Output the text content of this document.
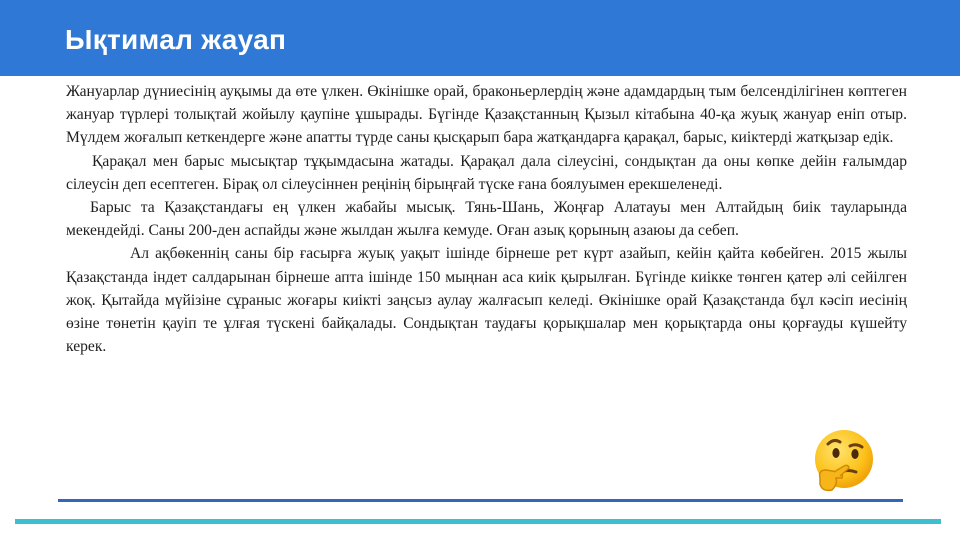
Ықтимал жауап

Жануарлар дүниесінің ауқымы да өте үлкен. Өкінішке орай, браконьерлердің және адамдардың тым белсенділігінен көптеген жануар түрлері толықтай жойылу қаупіне ұшырады. Бүгінде Қазақстанның Қызыл кітабына 40-қа жуық жануар еніп отыр. Мүлдем жоғалып кеткендерге және апатты түрде саны қысқарып бара жатқандарға қарақал, барыс, киіктерді жатқызар едік.

Қарақал мен барыс мысықтар тұқымдасына жатады. Қарақал дала сілеусіні, сондықтан да оны көпке дейін ғалымдар сілеусін деп есептеген. Бірақ ол сілеусіннен реңінің бірыңғай түске ғана боялуымен ерекшеленеді.

Барыс та Қазақстандағы ең үлкен жабайы мысық. Тянь-Шань, Жоңғар Алатауы мен Алтайдың биік тауларында мекендейді. Саны 200-ден аспайды және жылдан жылға кемуде. Оған азық қорының азаюы да себеп.

Ал ақбөкеннің саны бір ғасырға жуық уақыт ішінде бірнеше рет күрт азайып, кейін қайта көбейген. 2015 жылы Қазақстанда індет салдарынан бірнеше апта ішінде 150 мыңнан аса киік қырылған. Бүгінде киікке төнген қатер әлі сейілген жоқ. Қытайда мүйізіне сұраныс жоғары киікті заңсыз аулау жалғасып келеді. Өкінішке орай Қазақстанда бұл кәсіп иесінің өзіне төнетін қауіп те ұлғая түскені байқалады. Сондықтан таудағы қорықшалар мен қорықтарда оны қорғауды күшейту керек.
